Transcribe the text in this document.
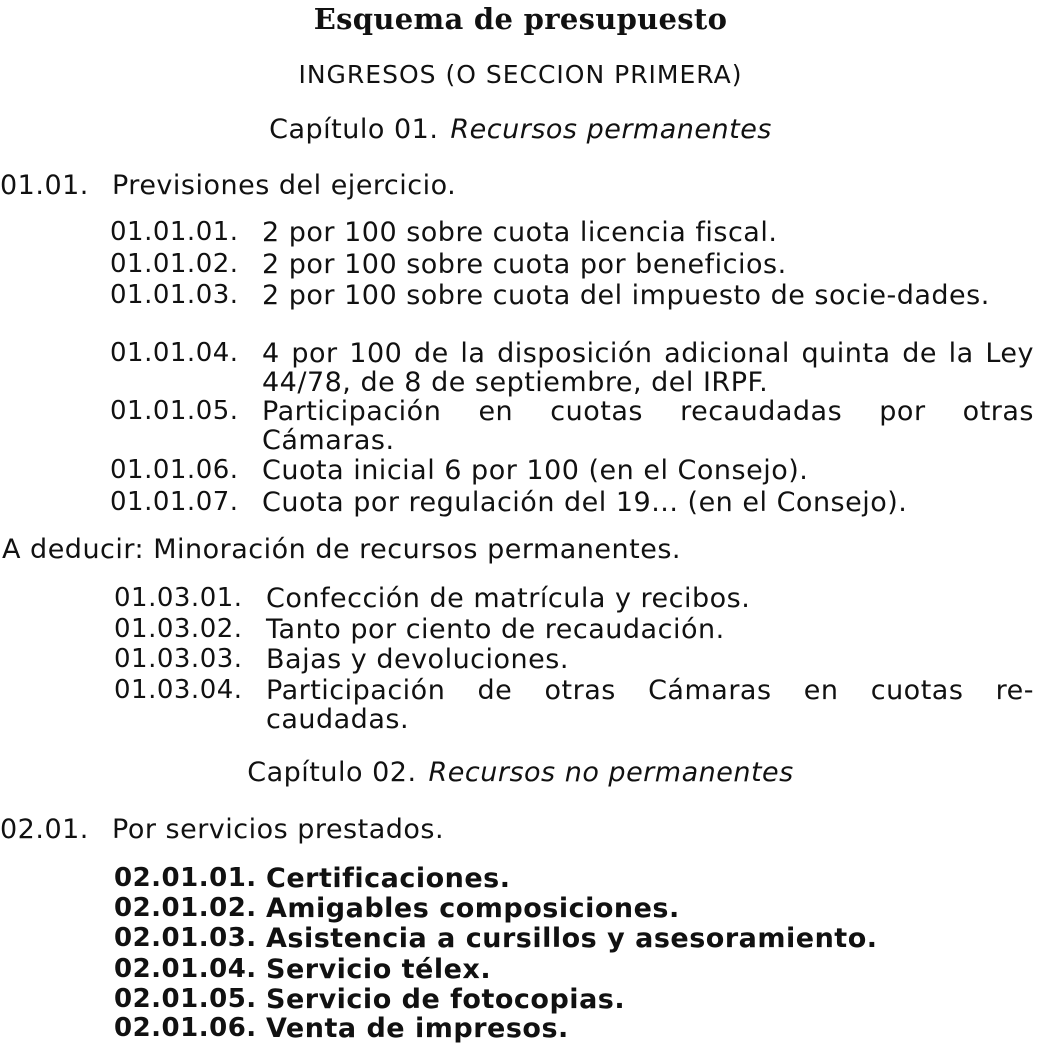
Esquema de presupuesto
INGRESOS (O SECCION PRIMERA)
Capítulo 01. Recursos permanentes
01.01. Previsiones del ejercicio.
01.01.01. 2 por 100 sobre cuota licencia fiscal.
01.01.02. 2 por 100 sobre cuota por beneficios.
01.01.03. 2 por 100 sobre cuota del impuesto de socie-dades.
01.01.04. 4 por 100 de la disposición adicional quinta de la Ley 44/78, de 8 de septiembre, del IRPF.
01.01.05. Participación en cuotas recaudadas por otras Cámaras.
01.01.06. Cuota inicial 6 por 100 (en el Consejo).
01.01.07. Cuota por regulación del 19... (en el Consejo).
A deducir: Minoración de recursos permanentes.
01.03.01. Confección de matrícula y recibos.
01.03.02. Tanto por ciento de recaudación.
01.03.03. Bajas y devoluciones.
01.03.04. Participación de otras Cámaras en cuotas re-caudadas.
Capítulo 02. Recursos no permanentes
02.01. Por servicios prestados.
02.01.01. Certificaciones.
02.01.02. Amigables composiciones.
02.01.03. Asistencia a cursillos y asesoramiento.
02.01.04. Servicio télex.
02.01.05. Servicio de fotocopias.
02.01.06. Venta de impresos.
